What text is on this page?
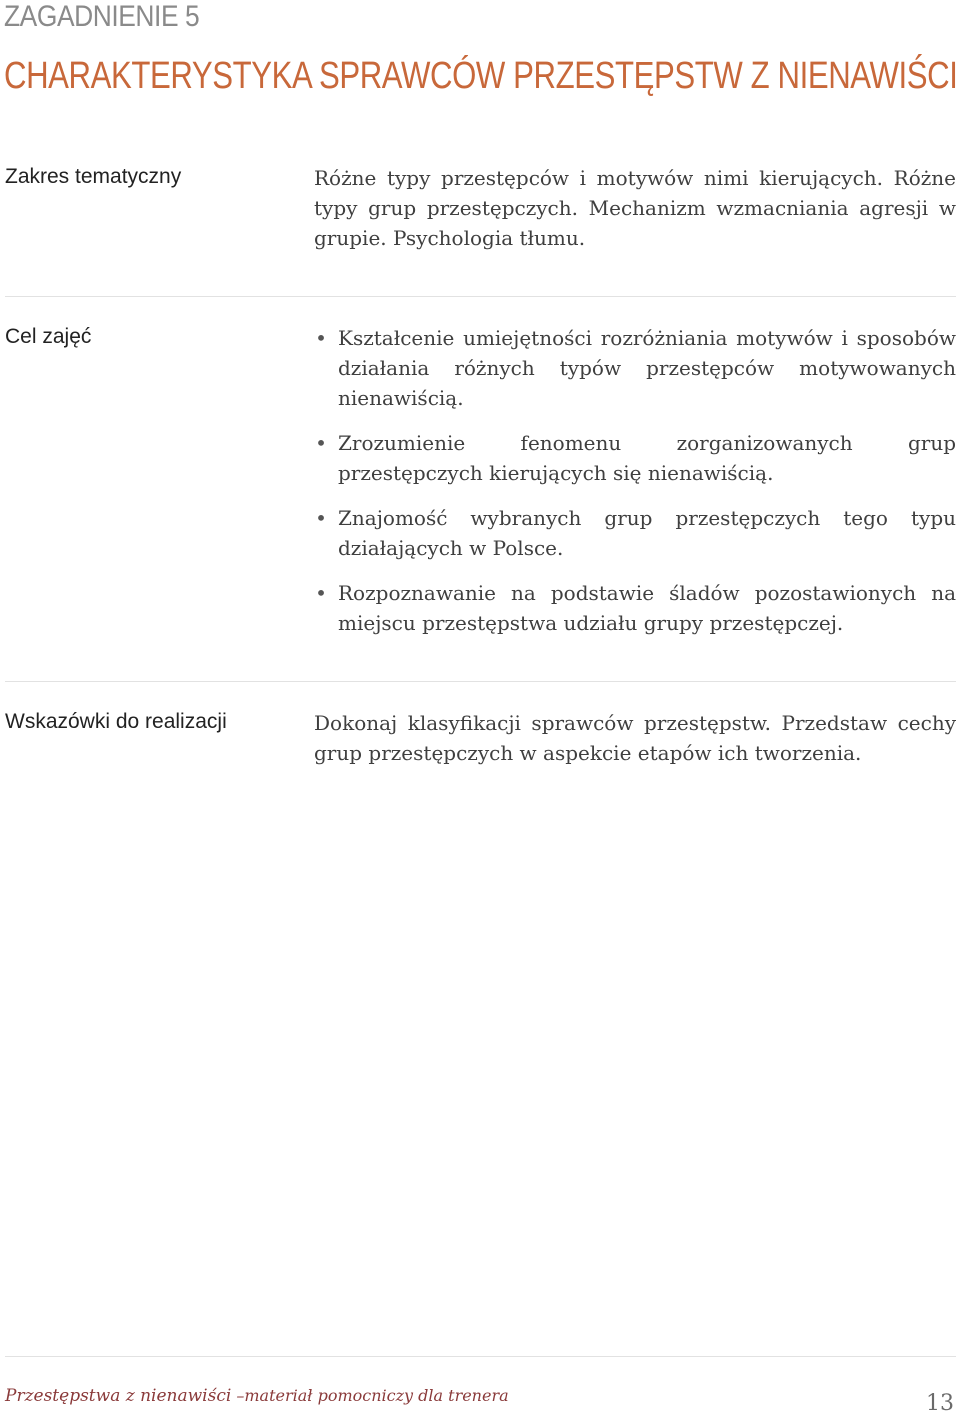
ZAGADNIENIE 5
CHARAKTERYSTYKA SPRAWCÓW PRZESTĘPSTW Z NIENAWIŚCI
Zakres tematyczny	Różne typy przestępców i motywów nimi kierujących. Różne typy grup przestępczych. Mechanizm wzmacniania agresji w grupie. Psychologia tłumu.
Cel zajęć	• Kształcenie umiejętności rozróżniania motywów i sposobów działania różnych typów przestępców motywowanych nienawiścią.
• Zrozumienie fenomenu zorganizowanych grup przestępczych kierujących się nienawiścią.
• Znajomość wybranych grup przestępczych tego typu działających w Polsce.
• Rozpoznawanie na podstawie śladów pozostawionych na miejscu przestępstwa udziału grupy przestępczej.
Wskazówki do realizacji	Dokonaj klasyfikacji sprawców przestępstw. Przedstaw cechy grup przestępczych w aspekcie etapów ich tworzenia.
Przestępstwa z nienawiści –materiał pomocniczy dla trenera	13
